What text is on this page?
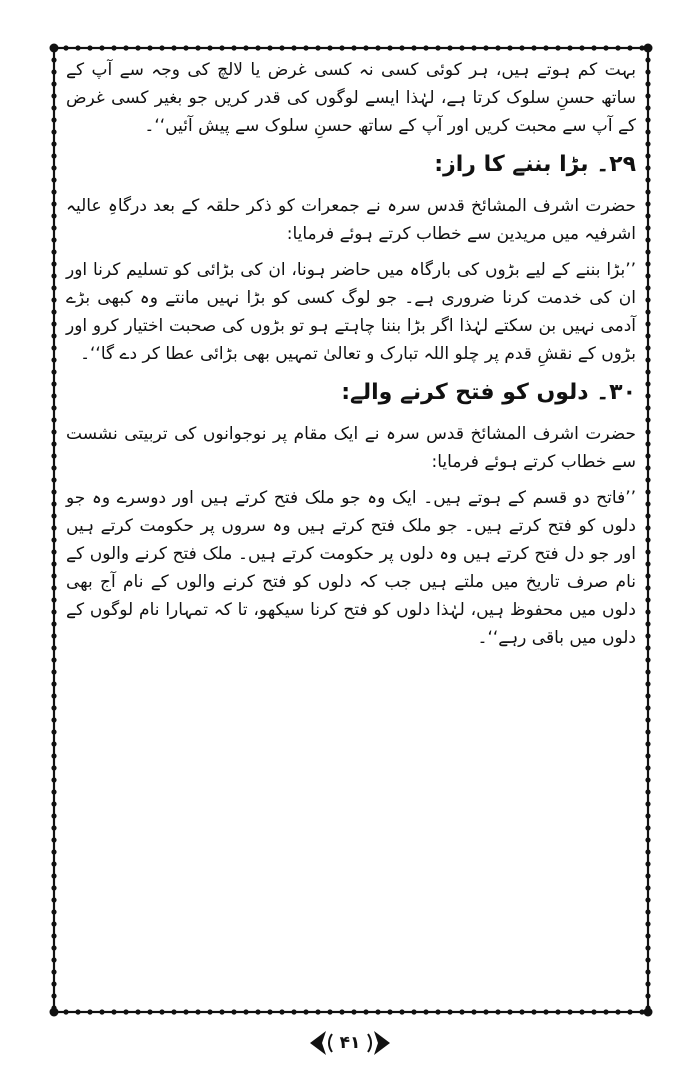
بہت کم ہوتے ہیں، ہر کوئی کسی نہ کسی غرض یا لالچ کی وجہ سے آپ کے ساتھ حسنِ سلوک کرتا ہے، لہٰذا ایسے لوگوں کی قدر کریں جو بغیر کسی غرض کے آپ سے محبت کریں اور آپ کے ساتھ حسنِ سلوک سے پیش آئیں‘‘۔

۲۹۔ بڑا بننے کا راز:

حضرت اشرف المشائخ قدس سرہ نے جمعرات کو ذکر حلقہ کے بعد درگاہِ عالیہ اشرفیہ میں مریدین سے خطاب کرتے ہوئے فرمایا:

’’بڑا بننے کے لیے بڑوں کی بارگاہ میں حاضر ہونا، ان کی بڑائی کو تسلیم کرنا اور ان کی خدمت کرنا ضروری ہے۔ جو لوگ کسی کو بڑا نہیں مانتے وہ کبھی بڑے آدمی نہیں بن سکتے لہٰذا اگر بڑا بننا چاہتے ہو تو بڑوں کی صحبت اختیار کرو اور بڑوں کے نقشِ قدم پر چلو اللہ تبارک و تعالیٰ تمہیں بھی بڑائی عطا کر دے گا‘‘۔

۳۰۔ دلوں کو فتح کرنے والے:

حضرت اشرف المشائخ قدس سرہ نے ایک مقام پر نوجوانوں کی تربیتی نشست سے خطاب کرتے ہوئے فرمایا:

’’فاتح دو قسم کے ہوتے ہیں۔ ایک وہ جو ملک فتح کرتے ہیں اور دوسرے وہ جو دلوں کو فتح کرتے ہیں۔ جو ملک فتح کرتے ہیں وہ سروں پر حکومت کرتے ہیں اور جو دل فتح کرتے ہیں وہ دلوں پر حکومت کرتے ہیں۔ ملک فتح کرنے والوں کے نام صرف تاریخ میں ملتے ہیں جب کہ دلوں کو فتح کرنے والوں کے نام آج بھی دلوں میں محفوظ ہیں، لہٰذا دلوں کو فتح کرنا سیکھو، تا کہ تمہارا نام لوگوں کے دلوں میں باقی رہے‘‘۔

۴۱
